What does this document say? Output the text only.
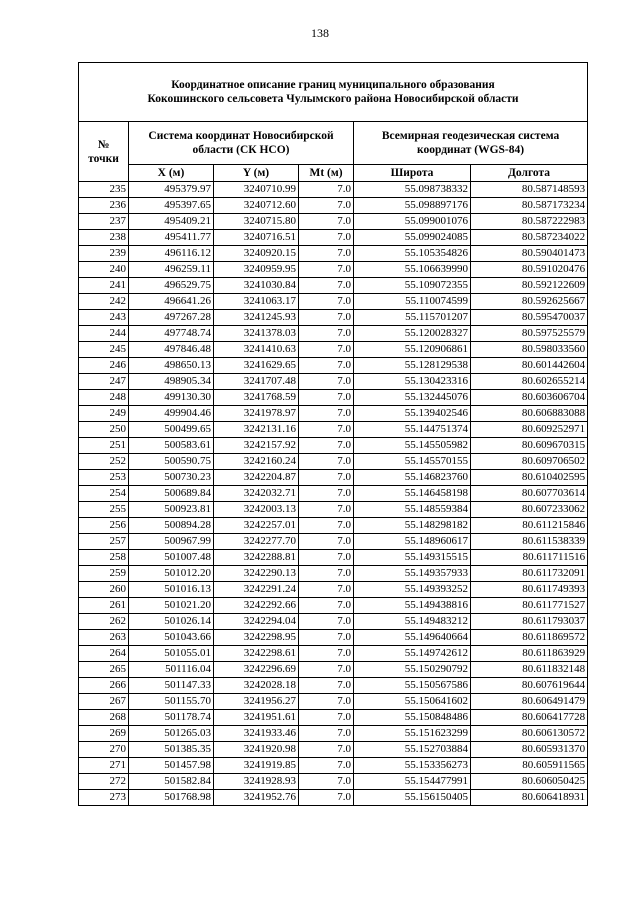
138
Координатное описание границ муниципального образования
Кокошинского сельсовета Чулымского района Новосибирской области					

№
точки	Система координат Новосибирской области (СК НСО)			Всемирная геодезическая система координат (WGS-84)	
	X (м)	Y (м)	Mt (м)	Широта	Долгота
235	495379.97	3240710.99	7.0	55.098738332	80.587148593
236	495397.65	3240712.60	7.0	55.098897176	80.587173234
237	495409.21	3240715.80	7.0	55.099001076	80.587222983
238	495411.77	3240716.51	7.0	55.099024085	80.587234022
239	496116.12	3240920.15	7.0	55.105354826	80.590401473
240	496259.11	3240959.95	7.0	55.106639990	80.591020476
241	496529.75	3241030.84	7.0	55.109072355	80.592122609
242	496641.26	3241063.17	7.0	55.110074599	80.592625667
243	497267.28	3241245.93	7.0	55.115701207	80.595470037
244	497748.74	3241378.03	7.0	55.120028327	80.597525579
245	497846.48	3241410.63	7.0	55.120906861	80.598033560
246	498650.13	3241629.65	7.0	55.128129538	80.601442604
247	498905.34	3241707.48	7.0	55.130423316	80.602655214
248	499130.30	3241768.59	7.0	55.132445076	80.603606704
249	499904.46	3241978.97	7.0	55.139402546	80.606883088
250	500499.65	3242131.16	7.0	55.144751374	80.609252971
251	500583.61	3242157.92	7.0	55.145505982	80.609670315
252	500590.75	3242160.24	7.0	55.145570155	80.609706502
253	500730.23	3242204.87	7.0	55.146823760	80.610402595
254	500689.84	3242032.71	7.0	55.146458198	80.607703614
255	500923.81	3242003.13	7.0	55.148559384	80.607233062
256	500894.28	3242257.01	7.0	55.148298182	80.611215846
257	500967.99	3242277.70	7.0	55.148960617	80.611538339
258	501007.48	3242288.81	7.0	55.149315515	80.611711516
259	501012.20	3242290.13	7.0	55.149357933	80.611732091
260	501016.13	3242291.24	7.0	55.149393252	80.611749393
261	501021.20	3242292.66	7.0	55.149438816	80.611771527
262	501026.14	3242294.04	7.0	55.149483212	80.611793037
263	501043.66	3242298.95	7.0	55.149640664	80.611869572
264	501055.01	3242298.61	7.0	55.149742612	80.611863929
265	501116.04	3242296.69	7.0	55.150290792	80.611832148
266	501147.33	3242028.18	7.0	55.150567586	80.607619644
267	501155.70	3241956.27	7.0	55.150641602	80.606491479
268	501178.74	3241951.61	7.0	55.150848486	80.606417728
269	501265.03	3241933.46	7.0	55.151623299	80.606130572
270	501385.35	3241920.98	7.0	55.152703884	80.605931370
271	501457.98	3241919.85	7.0	55.153356273	80.605911565
272	501582.84	3241928.93	7.0	55.154477991	80.606050425
273	501768.98	3241952.76	7.0	55.156150405	80.606418931
